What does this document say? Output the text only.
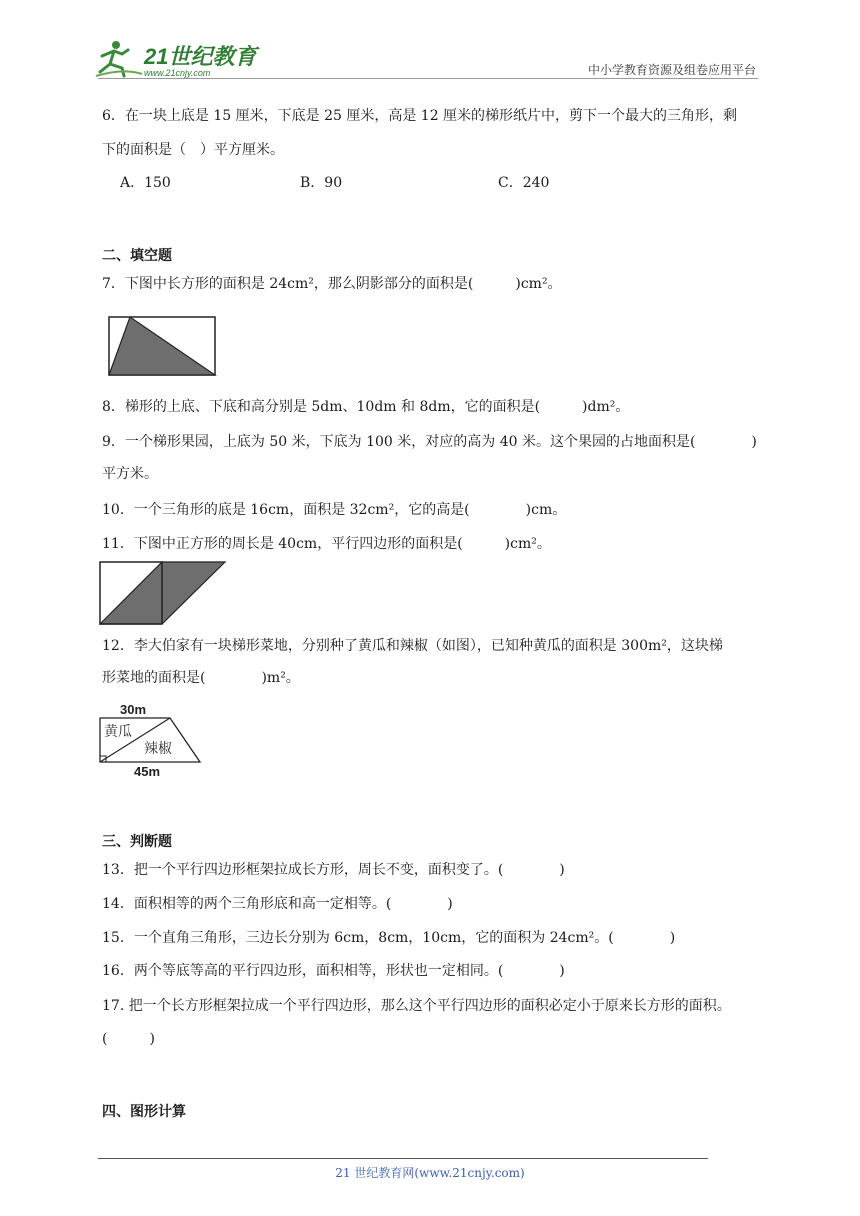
21世纪教育
www.21cnjy.com	中小学教育资源及组卷应用平台
6．在一块上底是 15 厘米，下底是 25 厘米，高是 12 厘米的梯形纸片中，剪下一个最大的三角形，剩
下的面积是（　）平方厘米。
A．150	B．90	C．240
二、填空题
7．下图中长方形的面积是 24cm²，那么阴影部分的面积是(　　　)cm²。
8．梯形的上底、下底和高分别是 5dm、10dm 和 8dm，它的面积是(　　　)dm²。
9．一个梯形果园，上底为 50 米，下底为 100 米，对应的高为 40 米。这个果园的占地面积是(　　　　)
平方米。
10．一个三角形的底是 16cm，面积是 32cm²，它的高是(　　　　)cm。
11．下图中正方形的周长是 40cm，平行四边形的面积是(　　　)cm²。
12．李大伯家有一块梯形菜地，分别种了黄瓜和辣椒（如图），已知种黄瓜的面积是 300m²，这块梯
形菜地的面积是(　　　　)m²。
30m
黄瓜
辣椒
45m
三、判断题
13．把一个平行四边形框架拉成长方形，周长不变，面积变了。(　　　　)
14．面积相等的两个三角形底和高一定相等。(　　　　)
15．一个直角三角形，三边长分别为 6cm，8cm，10cm，它的面积为 24cm²。(　　　　)
16．两个等底等高的平行四边形，面积相等，形状也一定相同。(　　　　)
17. 把一个长方形框架拉成一个平行四边形，那么这个平行四边形的面积必定小于原来长方形的面积。
(　　　)
四、图形计算
21 世纪教育网(www.21cnjy.com)
